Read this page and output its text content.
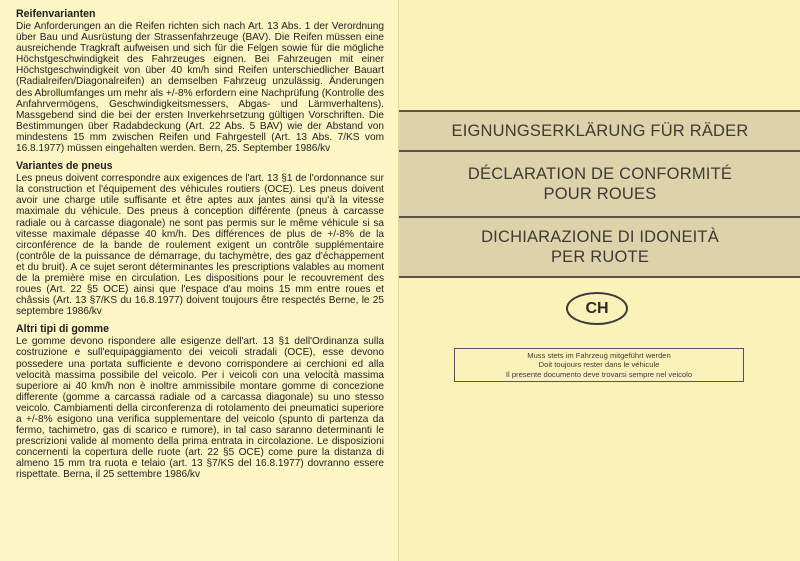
Reifenvarianten

Die Anforderungen an die Reifen richten sich nach Art. 13 Abs. 1 der Verordnung über Bau und Ausrüstung der Strassenfahrzeuge (BAV). Die Reifen müssen eine ausreichende Tragkraft aufweisen und sich für die Felgen sowie für die mögliche Höchstgeschwindigkeit des Fahrzeuges eignen. Bei Fahrzeugen mit einer Höchstgeschwindigkeit von über 40 km/h sind Reifen unterschiedlicher Bauart (Radialreifen/Diagonalreifen) an demselben Fahrzeug unzulässig. Änderungen des Abrollumfanges um mehr als +/-8% erfordern eine Nachprüfung (Kontrolle des Anfahrvermögens, Geschwindigkeitsmessers, Abgas- und Lärmverhaltens). Massgebend sind die bei der ersten Inverkehrsetzung gültigen Vorschriften. Die Bestimmungen über Radabdeckung (Art. 22 Abs. 5 BAV) wie der Abstand von mindestens 15 mm zwischen Reifen und Fahrgestell (Art. 13 Abs. 7/KS vom 16.8.1977) müssen eingehalten werden. Bern, 25. September 1986/kv

Variantes de pneus

Les pneus doivent correspondre aux exigences de l'art. 13 §1 de l'ordonnance sur la construction et l'équipement des véhicules routiers (OCE). Les pneus doivent avoir une charge utile suffisante et être aptes aux jantes ainsi qu'à la vitesse maximale du véhicule. Des pneus à conception différente (pneus à carcasse radiale ou à carcasse diagonale) ne sont pas permis sur le même véhicule si sa vitesse maximale dépasse 40 km/h. Des différences de plus de +/-8% de la circonférence de la bande de roulement exigent un contrôle supplémentaire (contrôle de la puissance de démarrage, du tachymètre, des gaz d'échappement et du bruit). A ce sujet seront déterminantes les prescriptions valables au moment de la première mise en circulation. Les dispositions pour le recouvrement des roues (Art. 22 §5 OCE) ainsi que l'espace d'au moins 15 mm entre roues et châssis (Art. 13 §7/KS du 16.8.1977) doivent toujours être respectés Berne, le 25 septembre 1986/kv

Altri tipi di gomme

Le gomme devono rispondere alle esigenze dell'art. 13 §1 dell'Ordinanza sulla costruzione e sull'equipaggiamento dei veicoli stradali (OCE), esse devono possedere una portata sufficiente e devono corrispondere ai cerchioni ed alla velocità massima possibile del veicolo. Per i veicoli con una velocità massima superiore ai 40 km/h non è inoltre ammissibile montare gomme di concezione differente (gomme a carcassa radiale od a carcassa diagonale) su uno stesso veicolo. Cambiamenti della circonferenza di rotolamento dei pneumatici superiore a +/-8% esigono una verifica supplementare del veicolo (spunto di partenza da fermo, tachimetro, gas di scarico e rumore), in tal caso saranno determinanti le prescrizioni valide al momento della prima entrata in circolazione. Le disposizioni concernenti la copertura delle ruote (art. 22 §5 OCE) come pure la distanza di almeno 15 mm tra ruota e telaio (art. 13 §7/KS del 16.8.1977) dovranno essere rispettate. Berna, il 25 settembre 1986/kv

EIGNUNGSERKLÄRUNG FÜR RÄDER
DÉCLARATION DE CONFORMITÉ
POUR ROUES
DICHIARAZIONE DI IDONEITÀ
PER RUOTE
CH
Muss stets im Fahrzeug mitgeführt werden
Doit toujours rester dans le véhicule
Il presente documento deve trovarsi sempre nel veicolo
